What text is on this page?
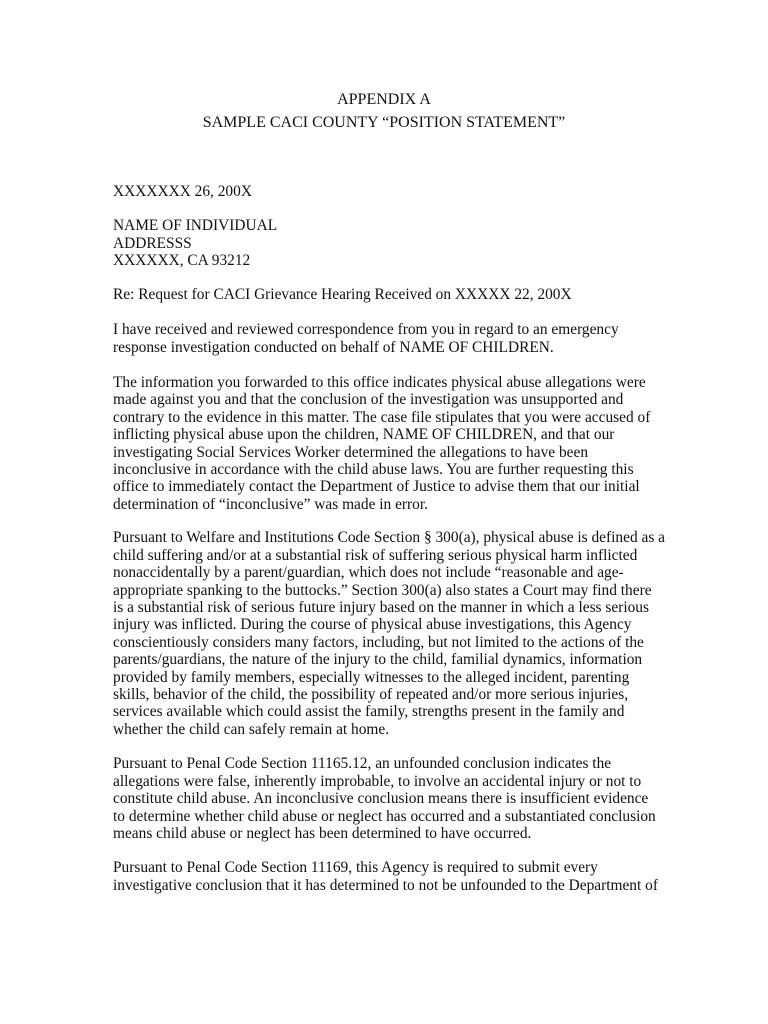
APPENDIX A
SAMPLE CACI COUNTY “POSITION STATEMENT”
XXXXXXX 26, 200X
NAME OF INDIVIDUAL
ADDRESSS
XXXXXX, CA 93212
Re: Request for CACI Grievance Hearing Received on XXXXX 22, 200X
I have received and reviewed correspondence from you in regard to an emergency
response investigation conducted on behalf of NAME OF CHILDREN.
The information you forwarded to this office indicates physical abuse allegations were
made against you and that the conclusion of the investigation was unsupported and
contrary to the evidence in this matter. The case file stipulates that you were accused of
inflicting physical abuse upon the children, NAME OF CHILDREN, and that our
investigating Social Services Worker determined the allegations to have been
inconclusive in accordance with the child abuse laws. You are further requesting this
office to immediately contact the Department of Justice to advise them that our initial
determination of “inconclusive” was made in error.
Pursuant to Welfare and Institutions Code Section § 300(a), physical abuse is defined as a
child suffering and/or at a substantial risk of suffering serious physical harm inflicted
nonaccidentally by a parent/guardian, which does not include “reasonable and age-
appropriate spanking to the buttocks.” Section 300(a) also states a Court may find there
is a substantial risk of serious future injury based on the manner in which a less serious
injury was inflicted. During the course of physical abuse investigations, this Agency
conscientiously considers many factors, including, but not limited to the actions of the
parents/guardians, the nature of the injury to the child, familial dynamics, information
provided by family members, especially witnesses to the alleged incident, parenting
skills, behavior of the child, the possibility of repeated and/or more serious injuries,
services available which could assist the family, strengths present in the family and
whether the child can safely remain at home.
Pursuant to Penal Code Section 11165.12, an unfounded conclusion indicates the
allegations were false, inherently improbable, to involve an accidental injury or not to
constitute child abuse. An inconclusive conclusion means there is insufficient evidence
to determine whether child abuse or neglect has occurred and a substantiated conclusion
means child abuse or neglect has been determined to have occurred.
Pursuant to Penal Code Section 11169, this Agency is required to submit every
investigative conclusion that it has determined to not be unfounded to the Department of
